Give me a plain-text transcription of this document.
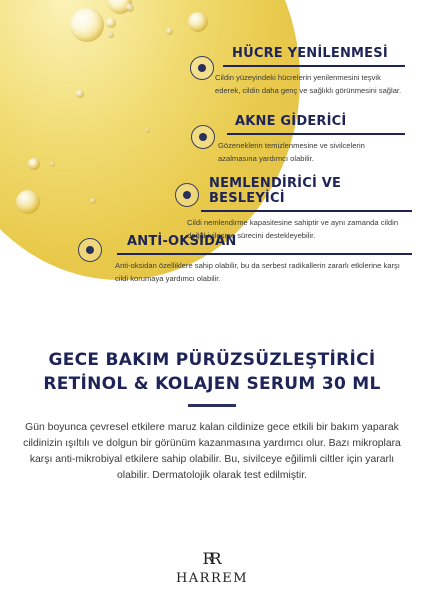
HÜCRE YENİLENMESİ

Cildin yüzeyindeki hücrelerin yenilenmesini teşvik ederek, cildin daha genç ve sağlıklı görünmesini sağlar.

AKNE GİDERİCİ

Gözeneklerin temizlenmesine ve sivilcelerin azalmasına yardımcı olabilir.

NEMLENDİRİCİ VE BESLEYİCİ

Cildi nemlendirme kapasitesine sahiptir ve aynı zamanda cildin doğal iyileşme sürecini destekleyebilir.

ANTİ-OKSİDAN

Anti-oksidan özelliklere sahip olabilir, bu da serbest radikallerin zararlı etkilerine karşı cildi korumaya yardımcı olabilir.

GECE BAKIM PÜRÜZSÜZLEŞTİRİCİ
RETİNOL & KOLAJEN SERUM 30 ML
Gün boyunca çevresel etkilere maruz kalan cildinize gece etkili bir bakım yaparak cildinizin ışıltılı ve dolgun bir görünüm kazanmasına yardımcı olur. Bazı mikroplara karşı anti-mikrobiyal etkilere sahip olabilir. Bu, sivilceye eğilimli ciltler için yararlı olabilir. Dermatolojik olarak test edilmiştir.
RR
HARREM
